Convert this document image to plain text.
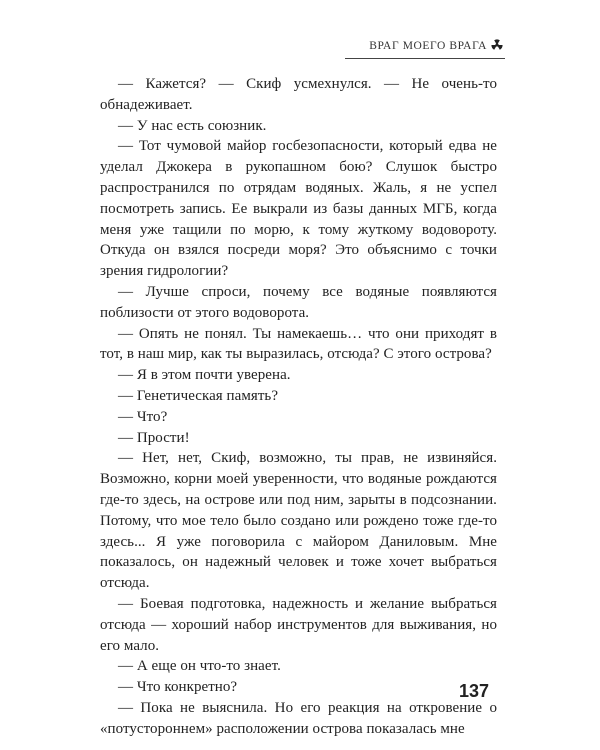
ВРАГ МОЕГО ВРАГА

— Кажется? — Скиф усмехнулся. — Не очень-то обнадеживает.

— У нас есть союзник.

— Тот чумовой майор госбезопасности, который едва не уделал Джокера в рукопашном бою? Слушок быстро распространился по отрядам водяных. Жаль, я не успел посмотреть запись. Ее выкрали из базы данных МГБ, когда меня уже тащили по морю, к тому жуткому водовороту. Откуда он взялся посреди моря? Это объяснимо с точки зрения гидрологии?

— Лучше спроси, почему все водяные появляются поблизости от этого водоворота.

— Опять не понял. Ты намекаешь… что они приходят в тот, в наш мир, как ты выразилась, отсюда? С этого острова?

— Я в этом почти уверена.

— Генетическая память?

— Что?

— Прости!

— Нет, нет, Скиф, возможно, ты прав, не извиняйся. Возможно, корни моей уверенности, что водяные рождаются где-то здесь, на острове или под ним, зарыты в подсознании. Потому, что мое тело было создано или рождено тоже где-то здесь... Я уже поговорила с майором Даниловым. Мне показалось, он надежный человек и тоже хочет выбраться отсюда.

— Боевая подготовка, надежность и желание выбраться отсюда — хороший набор инструментов для выживания, но его мало.

— А еще он что-то знает.

— Что конкретно?

— Пока не выяснила. Но его реакция на откровение о «потустороннем» расположении острова показалась мне

137
